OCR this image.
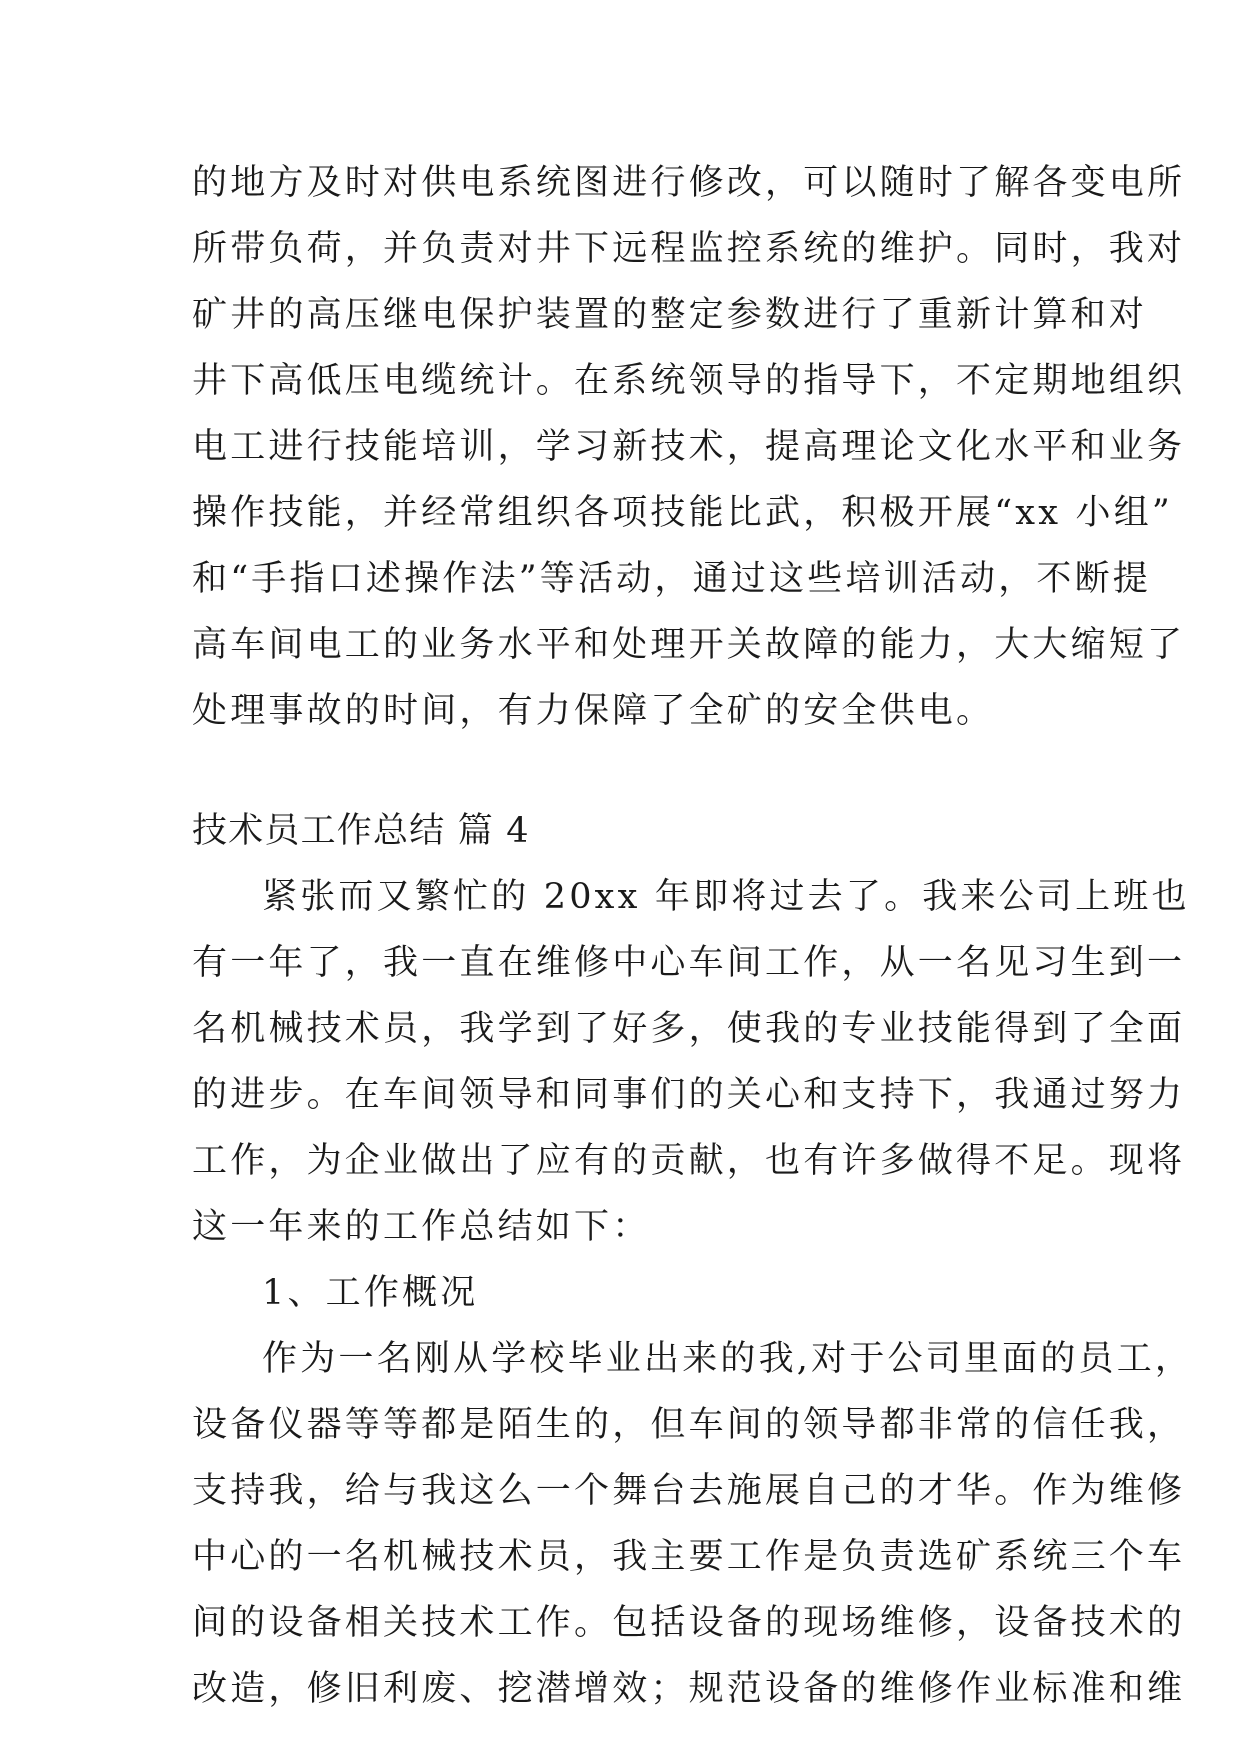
的地方及时对供电系统图进行修改，可以随时了解各变电所
所带负荷，并负责对井下远程监控系统的维护。同时，我对
矿井的高压继电保护装置的整定参数进行了重新计算和对
井下高低压电缆统计。在系统领导的指导下，不定期地组织
电工进行技能培训，学习新技术，提高理论文化水平和业务
操作技能，并经常组织各项技能比武，积极开展“xx 小组”
和“手指口述操作法”等活动，通过这些培训活动，不断提
高车间电工的业务水平和处理开关故障的能力，大大缩短了
处理事故的时间，有力保障了全矿的安全供电。
技术员工作总结 篇 4
紧张而又繁忙的 20xx 年即将过去了。我来公司上班也
有一年了，我一直在维修中心车间工作，从一名见习生到一
名机械技术员，我学到了好多，使我的专业技能得到了全面
的进步。在车间领导和同事们的关心和支持下，我通过努力
工作，为企业做出了应有的贡献，也有许多做得不足。现将
这一年来的工作总结如下：
1、工作概况
作为一名刚从学校毕业出来的我,对于公司里面的员工，
设备仪器等等都是陌生的，但车间的领导都非常的信任我，
支持我，给与我这么一个舞台去施展自己的才华。作为维修
中心的一名机械技术员，我主要工作是负责选矿系统三个车
间的设备相关技术工作。包括设备的现场维修，设备技术的
改造，修旧利废、挖潜增效；规范设备的维修作业标准和维
